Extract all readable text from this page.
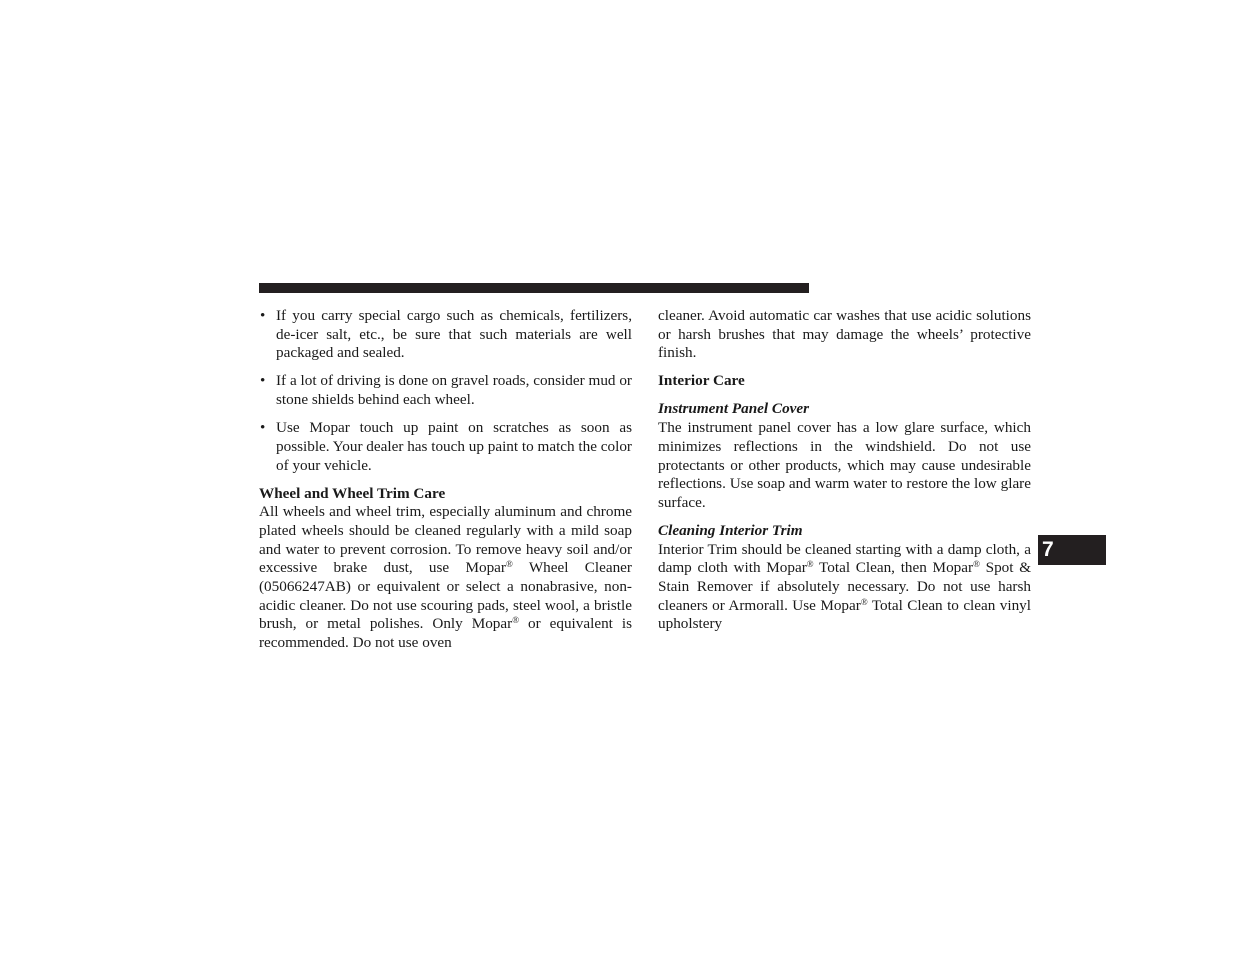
• If you carry special cargo such as chemicals, fertilizers, de-icer salt, etc., be sure that such materials are well packaged and sealed.
• If a lot of driving is done on gravel roads, consider mud or stone shields behind each wheel.
• Use Mopar touch up paint on scratches as soon as possible. Your dealer has touch up paint to match the color of your vehicle.

Wheel and Wheel Trim Care

All wheels and wheel trim, especially aluminum and chrome plated wheels should be cleaned regularly with a mild soap and water to prevent corrosion. To remove heavy soil and/or excessive brake dust, use Mopar® Wheel Cleaner (05066247AB) or equivalent or select a nonabrasive, non-acidic cleaner. Do not use scouring pads, steel wool, a bristle brush, or metal polishes. Only Mopar® or equivalent is recommended. Do not use oven

cleaner. Avoid automatic car washes that use acidic solutions or harsh brushes that may damage the wheels’ protective finish.

Interior Care

Instrument Panel Cover

The instrument panel cover has a low glare surface, which minimizes reflections in the windshield. Do not use protectants or other products, which may cause undesirable reflections. Use soap and warm water to restore the low glare surface.

Cleaning Interior Trim

Interior Trim should be cleaned starting with a damp cloth, a damp cloth with Mopar® Total Clean, then Mopar® Spot & Stain Remover if absolutely necessary. Do not use harsh cleaners or Armorall. Use Mopar® Total Clean to clean vinyl upholstery

7
